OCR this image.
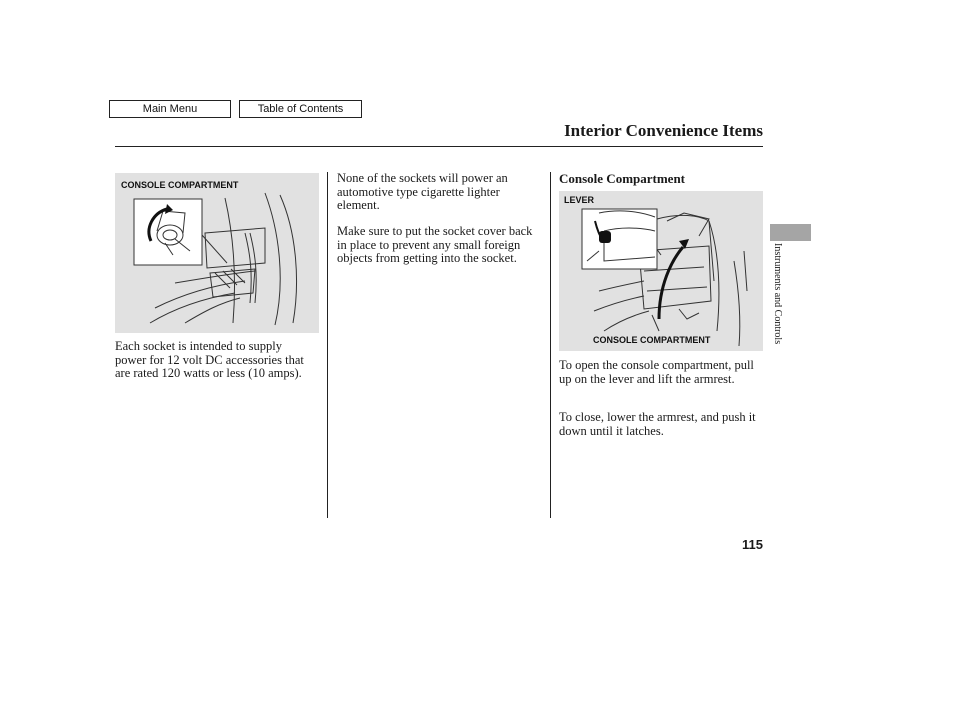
Main Menu	Table of Contents
Interior Convenience Items
CONSOLE COMPARTMENT

Each socket is intended to supply power for 12 volt DC accessories that are rated 120 watts or less (10 amps).

None of the sockets will power an automotive type cigarette lighter element.

Make sure to put the socket cover back in place to prevent any small foreign objects from getting into the socket.

Console Compartment
LEVER
CONSOLE COMPARTMENT

To open the console compartment, pull up on the lever and lift the armrest.

To close, lower the armrest, and push it down until it latches.

Instruments and Controls
115
